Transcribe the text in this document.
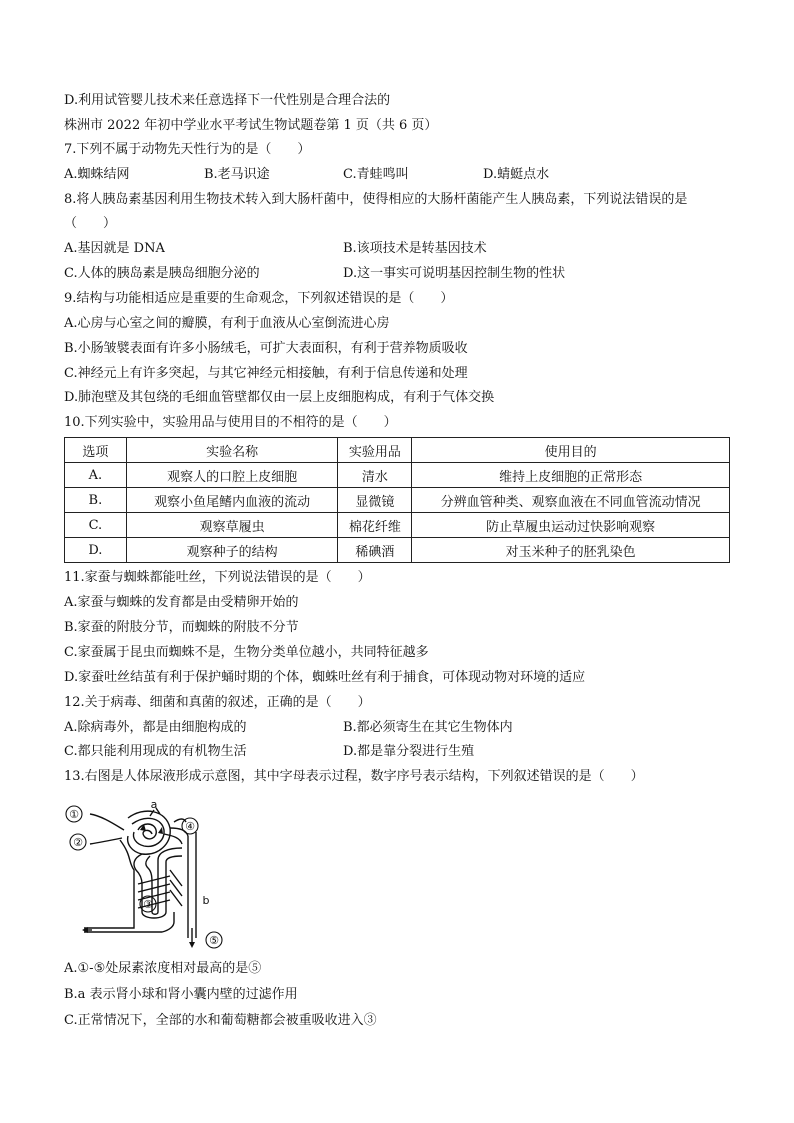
D.利用试管婴儿技术来任意选择下一代性别是合理合法的
株洲市 2022 年初中学业水平考试生物试题卷第 1 页（共 6 页）
7.下列不属于动物先天性行为的是（　　）
A.蜘蛛结网	B.老马识途	C.青蛙鸣叫	D.蜻蜓点水
8.将人胰岛素基因利用生物技术转入到大肠杆菌中，使得相应的大肠杆菌能产生人胰岛素，下列说法错误的是
（　　）
A.基因就是 DNA	B.该项技术是转基因技术
C.人体的胰岛素是胰岛细胞分泌的	D.这一事实可说明基因控制生物的性状
9.结构与功能相适应是重要的生命观念，下列叙述错误的是（　　）
A.心房与心室之间的瓣膜，有利于血液从心室倒流进心房
B.小肠皱襞表面有许多小肠绒毛，可扩大表面积，有利于营养物质吸收
C.神经元上有许多突起，与其它神经元相接触，有利于信息传递和处理
D.肺泡壁及其包绕的毛细血管壁都仅由一层上皮细胞构成，有利于气体交换
10.下列实验中，实验用品与使用目的不相符的是（　　）
选项	实验名称	实验用品	使用目的
A.	观察人的口腔上皮细胞	清水	维持上皮细胞的正常形态
B.	观察小鱼尾鳍内血液的流动	显微镜	分辨血管种类、观察血液在不同血管流动情况
C.	观察草履虫	棉花纤维	防止草履虫运动过快影响观察
D.	观察种子的结构	稀碘酒	对玉米种子的胚乳染色
11.家蚕与蜘蛛都能吐丝，下列说法错误的是（　　）
A.家蚕与蜘蛛的发育都是由受精卵开始的
B.家蚕的附肢分节，而蜘蛛的附肢不分节
C.家蚕属于昆虫而蜘蛛不是，生物分类单位越小，共同特征越多
D.家蚕吐丝结茧有利于保护蛹时期的个体，蜘蛛吐丝有利于捕食，可体现动物对环境的适应
12.关于病毒、细菌和真菌的叙述，正确的是（　　）
A.除病毒外，都是由细胞构成的	B.都必须寄生在其它生物体内
C.都只能利用现成的有机物生活	D.都是靠分裂进行生殖
13.右图是人体尿液形成示意图，其中字母表示过程，数字序号表示结构，下列叙述错误的是（　　）
①
②
③
④
⑤
a
b
A.①-⑤处尿素浓度相对最高的是⑤
B.a 表示肾小球和肾小囊内壁的过滤作用
C.正常情况下，全部的水和葡萄糖都会被重吸收进入③
